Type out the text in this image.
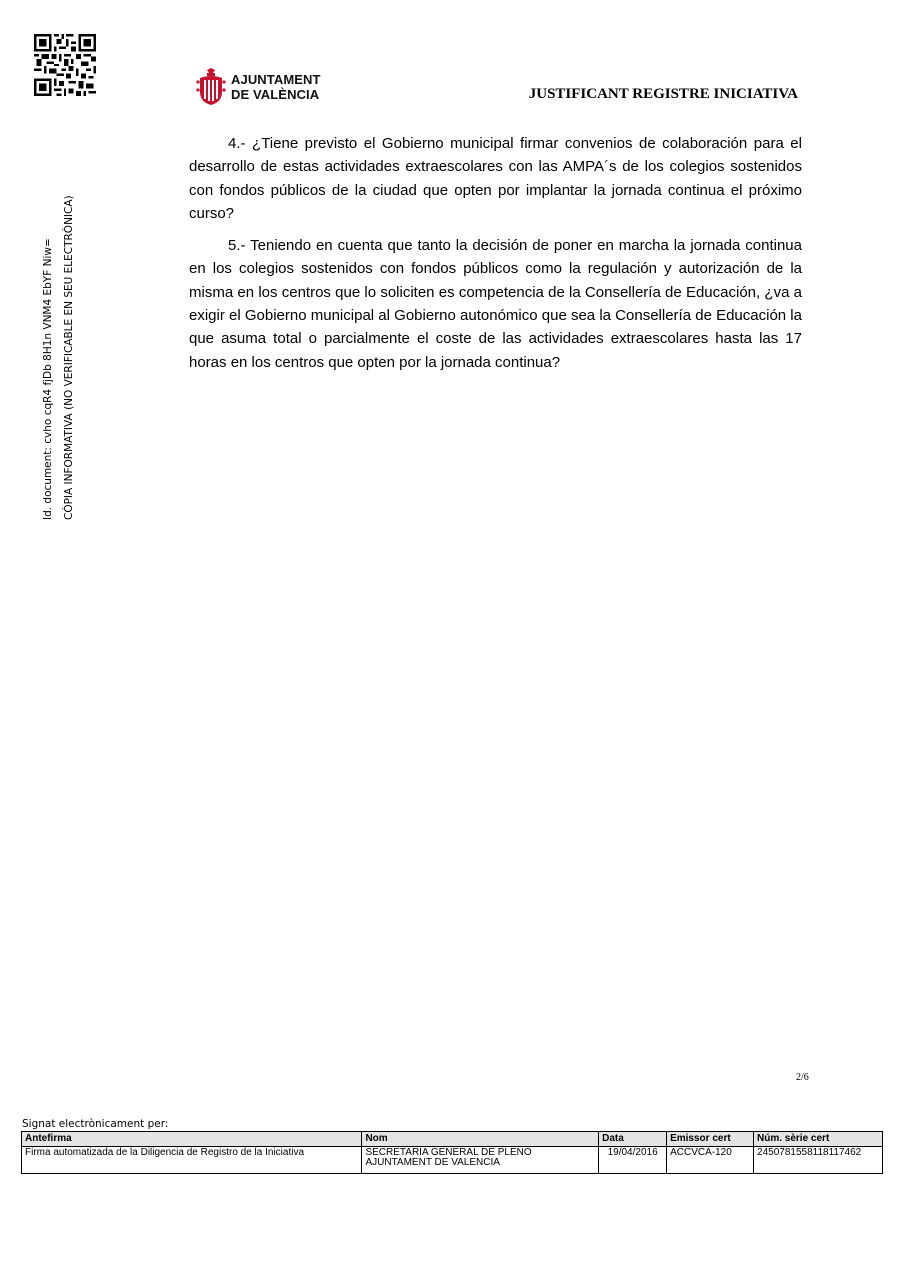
AJUNTAMENT
DE VALÈNCIA	JUSTIFICANT REGISTRE INICIATIVA
Id. document: cvho cqR4 fjDb 8H1n VNM4 EbYF Niw= CÒPIA INFORMATIVA (NO VERIFICABLE EN SEU ELECTRÒNICA)

4.- ¿Tiene previsto el Gobierno municipal firmar convenios de colaboración para el desarrollo de estas actividades extraescolares con las AMPA´s de los colegios sostenidos con fondos públicos de la ciudad que opten por implantar la jornada continua el próximo curso?

5.- Teniendo en cuenta que tanto la decisión de poner en marcha la jornada continua en los colegios sostenidos con fondos públicos como la regulación y autorización de la misma en los centros que lo soliciten es competencia de la Consellería de Educación, ¿va a exigir el Gobierno municipal al Gobierno autonómico que sea la Consellería de Educación la que asuma total o parcialmente el coste de las actividades extraescolares hasta las 17 horas en los centros que opten por la jornada continua?

2/6
Signat electrònicament per:
Antefirma	Nom	Data	Emissor cert	Núm. sèrie cert
Firma automatizada de la Diligencia de Registro de la Iniciativa	SECRETARIA GENERAL DE PLENO
AJUNTAMENT DE VALENCIA	19/04/2016	ACCVCA-120	2450781558118117462
